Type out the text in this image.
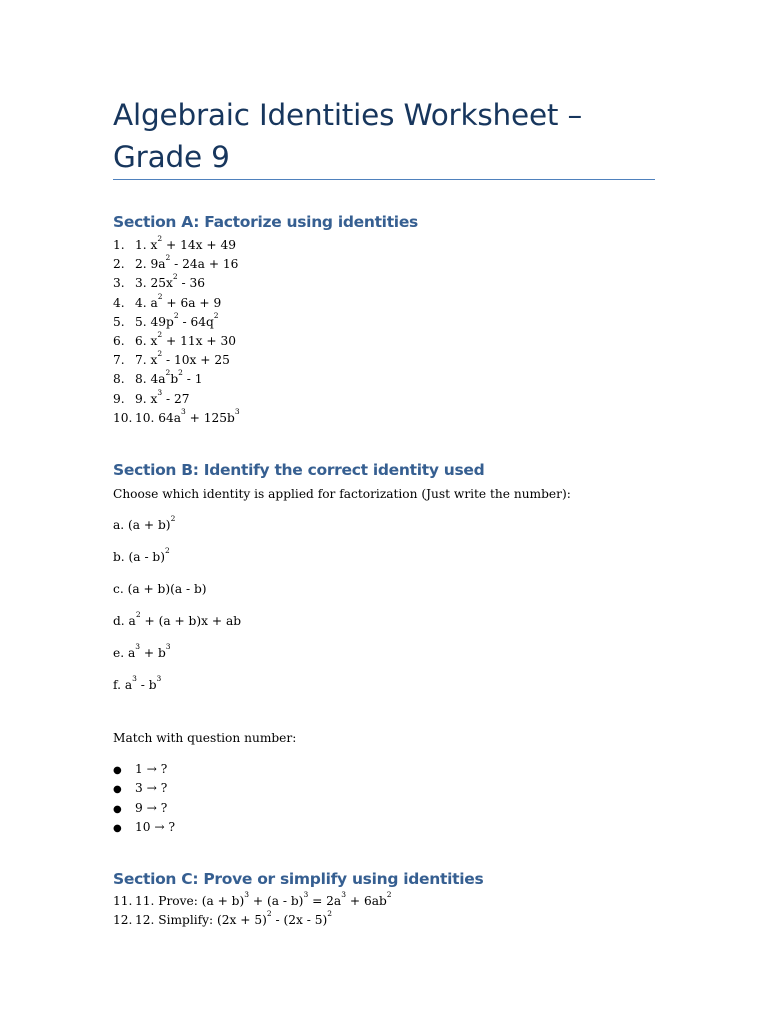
Algebraic Identities Worksheet – Grade 9
Section A: Factorize using identities
1. 1. $x^2 + 14x + 49$
2. 2. $9a^2 - 24a + 16$
3. 3. $25x^2 - 36$
4. 4. $a^2 + 6a + 9$
5. 5. $49p^2 - 64q^2$
6. 6. $x^2 + 11x + 30$
7. 7. $x^2 - 10x + 25$
8. 8. $4a^2b^2 - 1$
9. 9. $x^3 - 27$
10. 10. $64a^3 + 125b^3$
Section B: Identify the correct identity used

Choose which identity is applied for factorization (Just write the number):

a. $(a + b)^2$

b. (a - b)$^2$

c. (a + b)(a - b)

d. $a^2 + (a + b)x$ + ab

e. $a^3 + b^3$

f. $a^3 - b^3$

Match with question number:

● 1 → ?
● 3 → ?
● 9 → ?
● 10 → ?
Section C: Prove or simplify using identities
11. 11. Prove: $(a + b)^3 + (a - b)^3 = 2a^3 + 6ab^2$
12. 12. Simplify: $(2x + 5)^2 - (2x - 5)^2$
